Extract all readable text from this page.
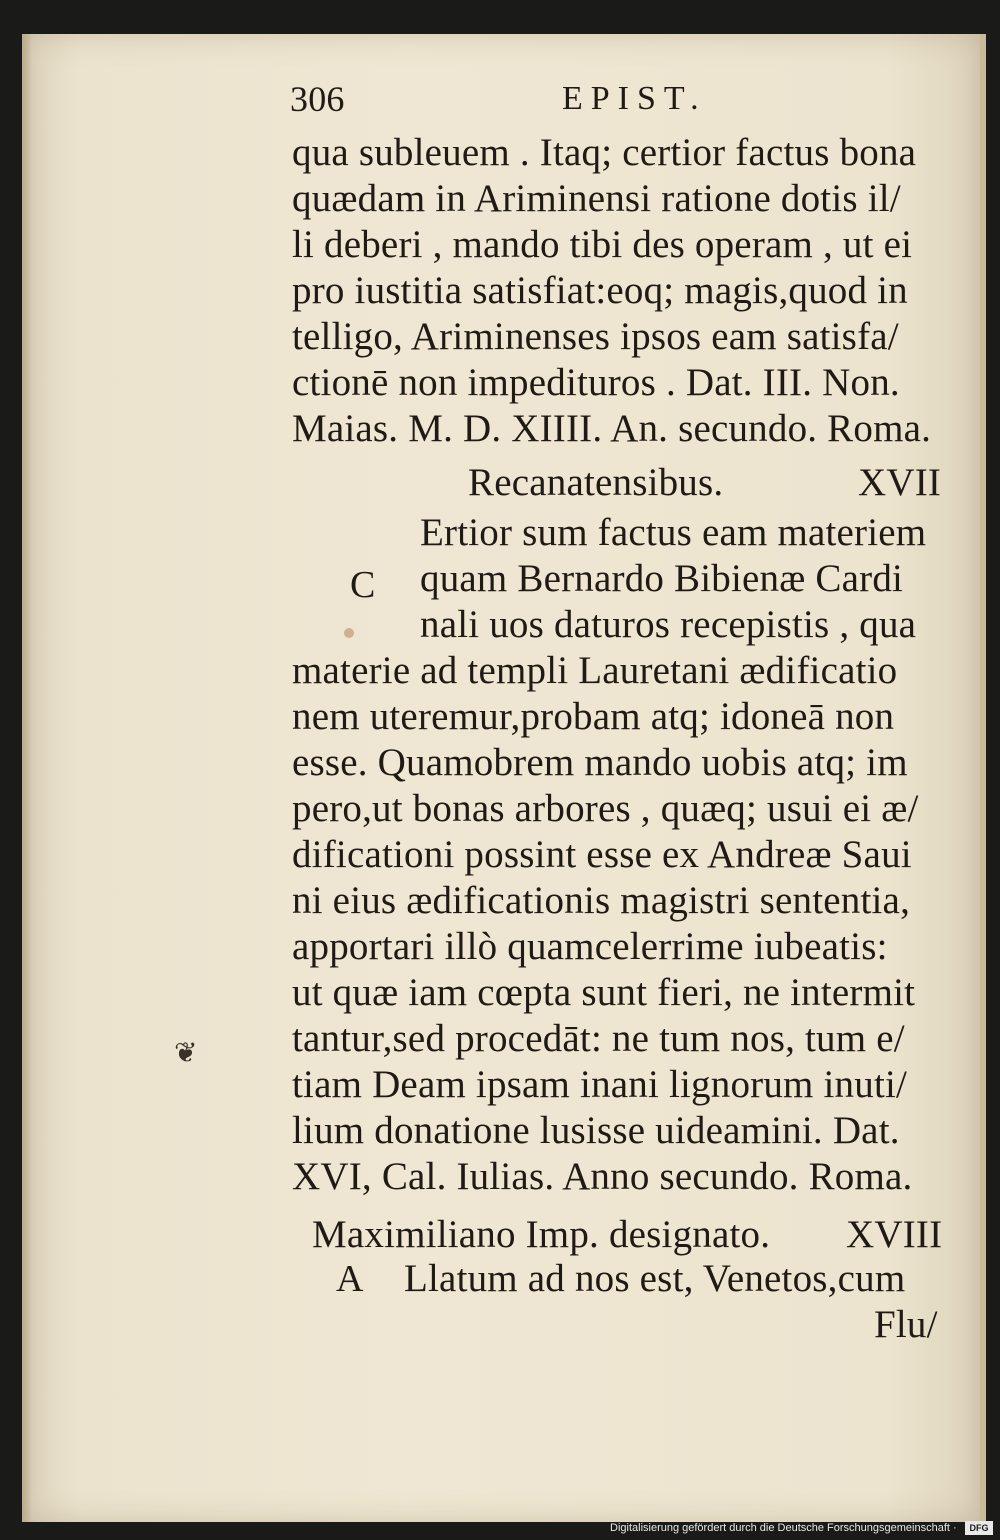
306	EPIST.
qua subleuem . Itaq; certior factus bona
quædam in Ariminensi ratione dotis il/
li deberi , mando tibi des operam , ut ei
pro iustitia satisfiat:eoq; magis,quod in
telligo, Ariminenses ipsos eam satisfa/
ctionē non impedituros . Dat. III. Non.
Maias. M. D. XIIII. An. secundo. Roma.
Recanatensibus.	XVII
C
Ertior sum factus eam materiem
quam Bernardo Bibienæ Cardi
nali uos daturos recepistis , qua
materie ad templi Lauretani ædificatio
nem uteremur,probam atq; idoneā non
esse. Quamobrem mando uobis atq; im
pero,ut bonas arbores , quæq; usui ei æ/
dificationi possint esse ex Andreæ Saui
ni eius ædificationis magistri sententia,
apportari illò quamcelerrime iubeatis:
ut quæ iam cœpta sunt fieri, ne intermit
tantur,sed procedāt: ne tum nos, tum e/
tiam Deam ipsam inani lignorum inuti/
lium donatione lusisse uideamini. Dat.
XVI, Cal. Iulias. Anno secundo. Roma.
❦
Maximiliano Imp. designato. XVIII
A Llatum ad nos est, Venetos,cum
Flu/
Digitalisierung gefördert durch die Deutsche Forschungsgemeinschaft ·	DFG
